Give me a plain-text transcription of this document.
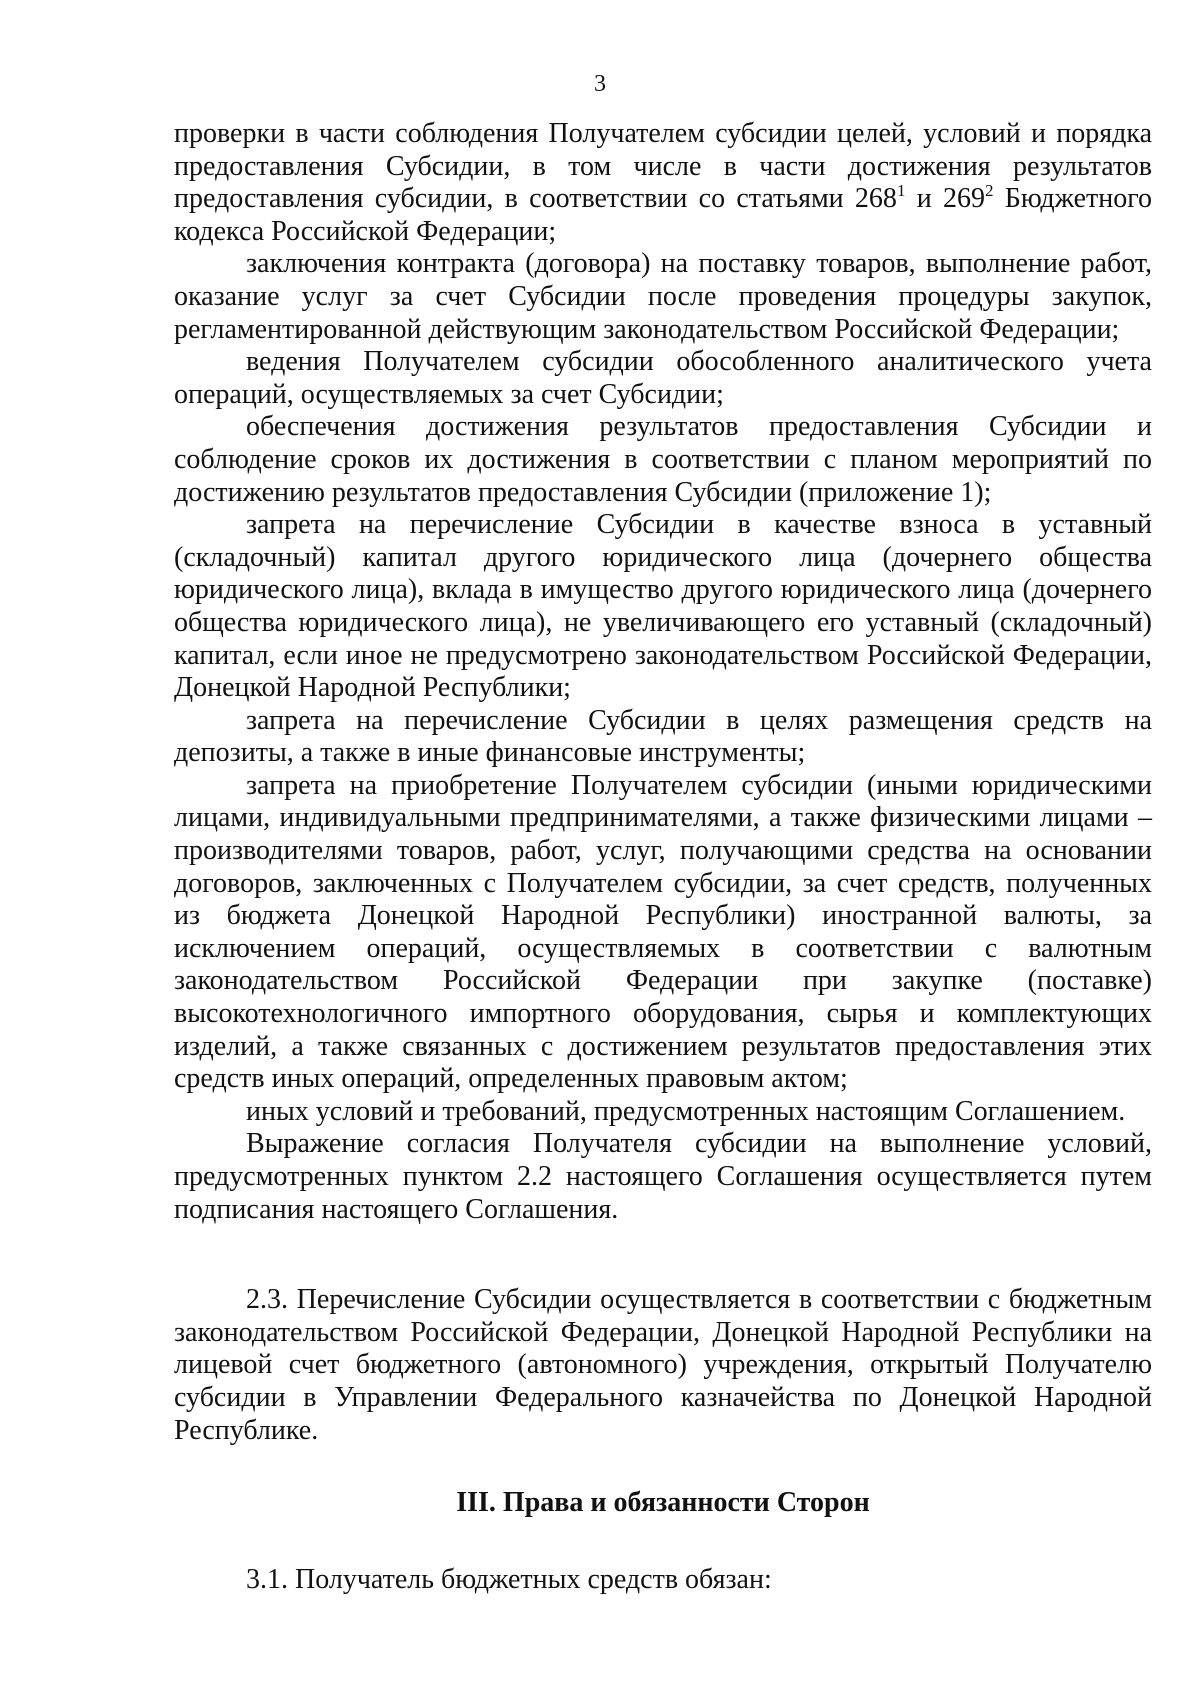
3

проверки в части соблюдения Получателем субсидии целей, условий и порядка предоставления Субсидии, в том числе в части достижения результатов предоставления субсидии, в соответствии со статьями $268^1$ и $269^2$ Бюджетного кодекса Российской Федерации;

заключения контракта (договора) на поставку товаров, выполнение работ, оказание услуг за счет Субсидии после проведения процедуры закупок, регламентированной действующим законодательством Российской Федерации;

ведения Получателем субсидии обособленного аналитического учета операций, осуществляемых за счет Субсидии;

обеспечения достижения результатов предоставления Субсидии и соблюдение сроков их достижения в соответствии с планом мероприятий по достижению результатов предоставления Субсидии (приложение 1);

запрета на перечисление Субсидии в качестве взноса в уставный (складочный) капитал другого юридического лица (дочернего общества юридического лица), вклада в имущество другого юридического лица (дочернего общества юридического лица), не увеличивающего его уставный (складочный) капитал, если иное не предусмотрено законодательством Российской Федерации, Донецкой Народной Республики;

запрета на перечисление Субсидии в целях размещения средств на депозиты, а также в иные финансовые инструменты;

запрета на приобретение Получателем субсидии (иными юридическими лицами, индивидуальными предпринимателями, а также физическими лицами – производителями товаров, работ, услуг, получающими средства на основании договоров, заключенных с Получателем субсидии, за счет средств, полученных из бюджета Донецкой Народной Республики) иностранной валюты, за исключением операций, осуществляемых в соответствии с валютным законодательством Российской Федерации при закупке (поставке) высокотехнологичного импортного оборудования, сырья и комплектующих изделий, а также связанных с достижением результатов предоставления этих средств иных операций, определенных правовым актом;

иных условий и требований, предусмотренных настоящим Соглашением.

Выражение согласия Получателя субсидии на выполнение условий, предусмотренных пунктом 2.2 настоящего Соглашения осуществляется путем подписания настоящего Соглашения.

2.3. Перечисление Субсидии осуществляется в соответствии с бюджетным законодательством Российской Федерации, Донецкой Народной Республики на лицевой счет бюджетного (автономного) учреждения, открытый Получателю субсидии в Управлении Федерального казначейства по Донецкой Народной Республике.

III. Права и обязанности Сторон

3.1. Получатель бюджетных средств обязан:
